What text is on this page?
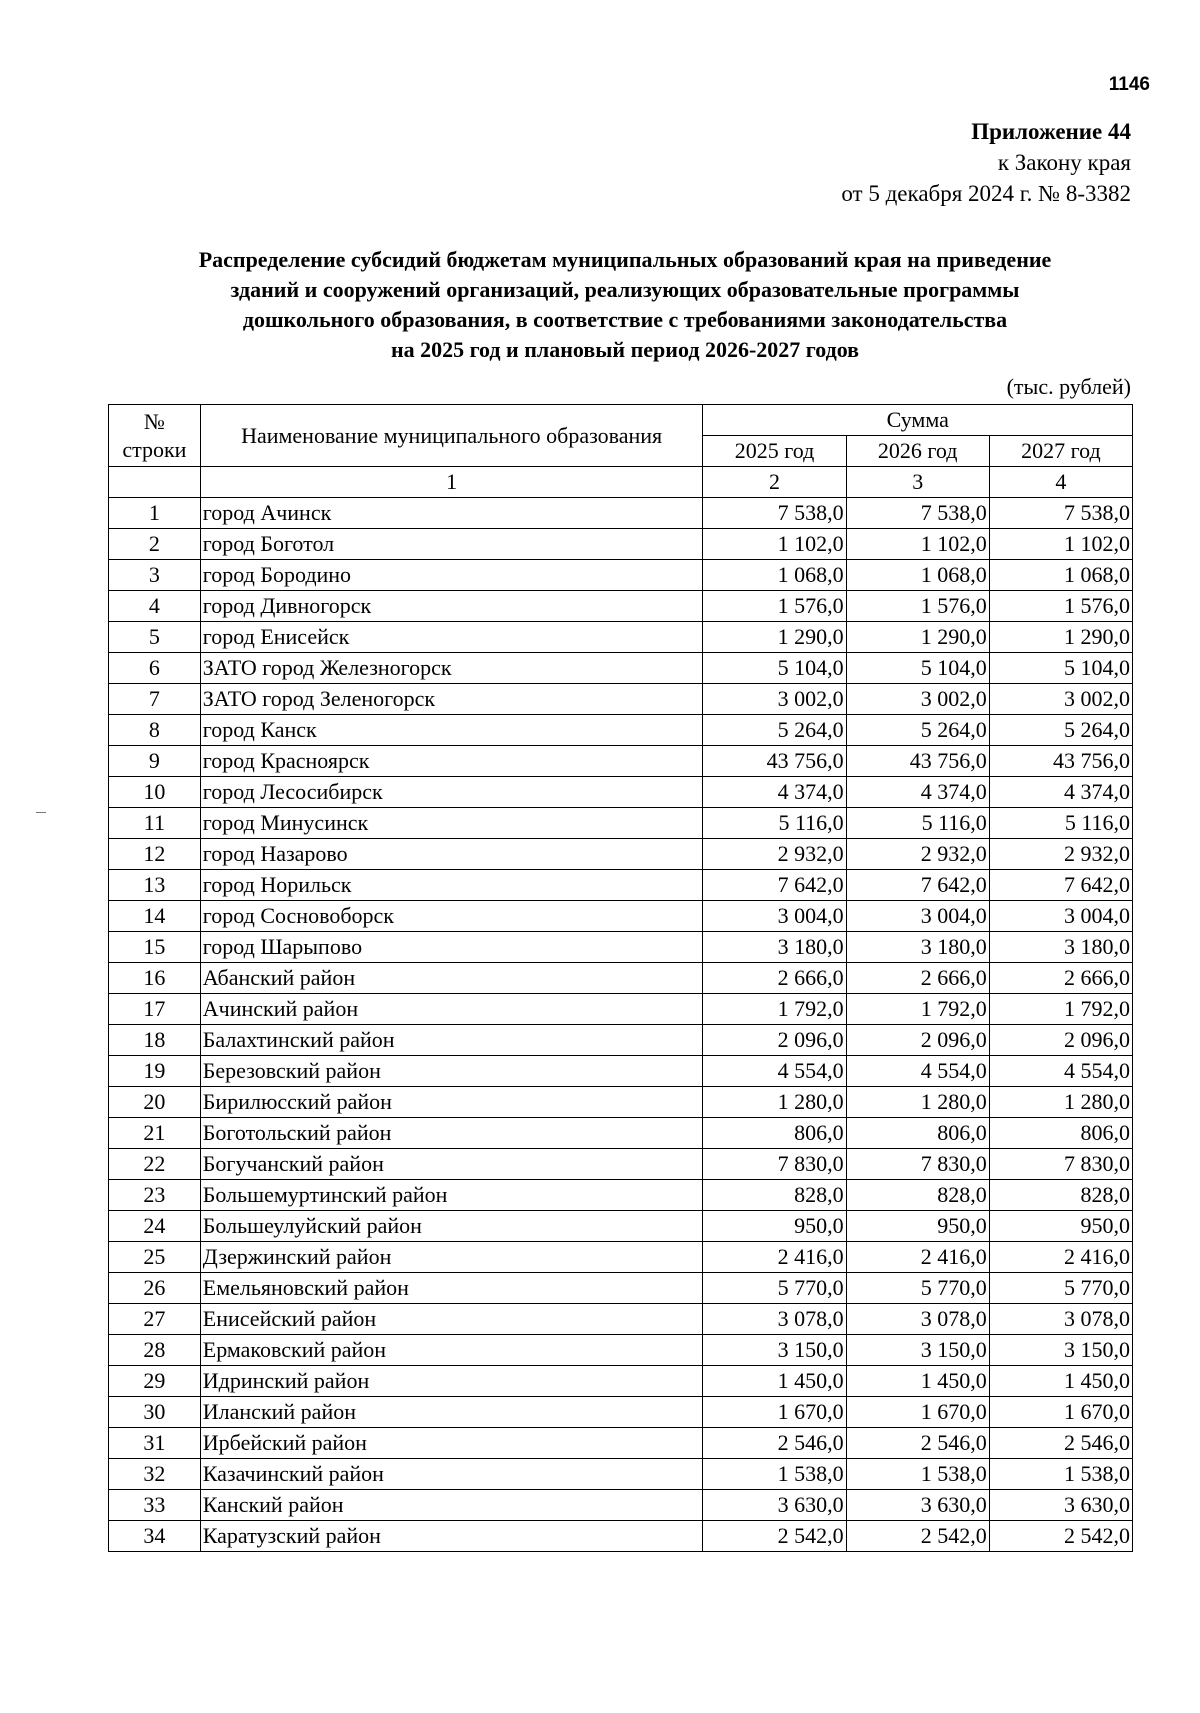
1146
Приложение 44
к Закону края
от 5 декабря 2024 г. № 8-3382
Распределение субсидий бюджетам муниципальных образований края на приведение
зданий и сооружений организаций, реализующих образовательные программы
дошкольного образования, в соответствие с требованиями законодательства
на 2025 год и плановый период 2026-2027 годов
(тыс. рублей)
№
строки	Наименование муниципального образования	Сумма		
		2025 год	2026 год	2027 год
	1	2	3	4
1	город Ачинск	7 538,0	7 538,0	7 538,0
2	город Боготол	1 102,0	1 102,0	1 102,0
3	город Бородино	1 068,0	1 068,0	1 068,0
4	город Дивногорск	1 576,0	1 576,0	1 576,0
5	город Енисейск	1 290,0	1 290,0	1 290,0
6	ЗАТО город Железногорск	5 104,0	5 104,0	5 104,0
7	ЗАТО город Зеленогорск	3 002,0	3 002,0	3 002,0
8	город Канск	5 264,0	5 264,0	5 264,0
9	город Красноярск	43 756,0	43 756,0	43 756,0
10	город Лесосибирск	4 374,0	4 374,0	4 374,0
11	город Минусинск	5 116,0	5 116,0	5 116,0
12	город Назарово	2 932,0	2 932,0	2 932,0
13	город Норильск	7 642,0	7 642,0	7 642,0
14	город Сосновоборск	3 004,0	3 004,0	3 004,0
15	город Шарыпово	3 180,0	3 180,0	3 180,0
16	Абанский район	2 666,0	2 666,0	2 666,0
17	Ачинский район	1 792,0	1 792,0	1 792,0
18	Балахтинский район	2 096,0	2 096,0	2 096,0
19	Березовский район	4 554,0	4 554,0	4 554,0
20	Бирилюсский район	1 280,0	1 280,0	1 280,0
21	Боготольский район	806,0	806,0	806,0
22	Богучанский район	7 830,0	7 830,0	7 830,0
23	Большемуртинский район	828,0	828,0	828,0
24	Большеулуйский район	950,0	950,0	950,0
25	Дзержинский район	2 416,0	2 416,0	2 416,0
26	Емельяновский район	5 770,0	5 770,0	5 770,0
27	Енисейский район	3 078,0	3 078,0	3 078,0
28	Ермаковский район	3 150,0	3 150,0	3 150,0
29	Идринский район	1 450,0	1 450,0	1 450,0
30	Иланский район	1 670,0	1 670,0	1 670,0
31	Ирбейский район	2 546,0	2 546,0	2 546,0
32	Казачинский район	1 538,0	1 538,0	1 538,0
33	Канский район	3 630,0	3 630,0	3 630,0
34	Каратузский район	2 542,0	2 542,0	2 542,0
